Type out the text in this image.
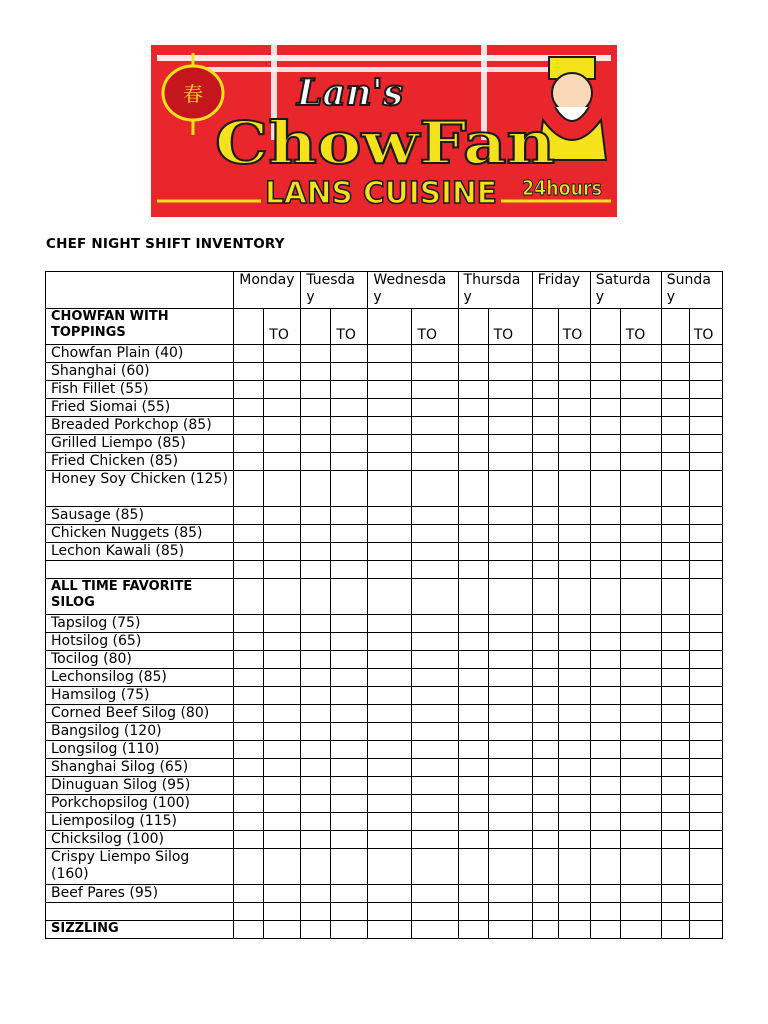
春	Lan's
ChowFan
LANS CUISINE 24hours
CHEF NIGHT SHIFT INVENTORY
	Monday		Tuesday		Wednesday		Thursday		Friday		Saturday		Sunday	
CHOWFAN WITH TOPPINGS		TO		TO		TO		TO		TO		TO		TO
Chowfan Plain (40)														
Shanghai (60)														
Fish Fillet (55)														
Fried Siomai (55)														
Breaded Porkchop (85)														
Grilled Liempo (85)														
Fried Chicken (85)														
Honey Soy Chicken (125)														
Sausage (85)														
Chicken Nuggets (85)														
Lechon Kawali (85)														

ALL TIME FAVORITE SILOG														
Tapsilog (75)														
Hotsilog (65)														
Tocilog (80)														
Lechonsilog (85)														
Hamsilog (75)														
Corned Beef Silog (80)														
Bangsilog (120)														
Longsilog (110)														
Shanghai Silog (65)														
Dinuguan Silog (95)														
Porkchopsilog (100)														
Liemposilog (115)														
Chicksilog (100)														
Crispy Liempo Silog (160)														
Beef Pares (95)														

SIZZLING														
